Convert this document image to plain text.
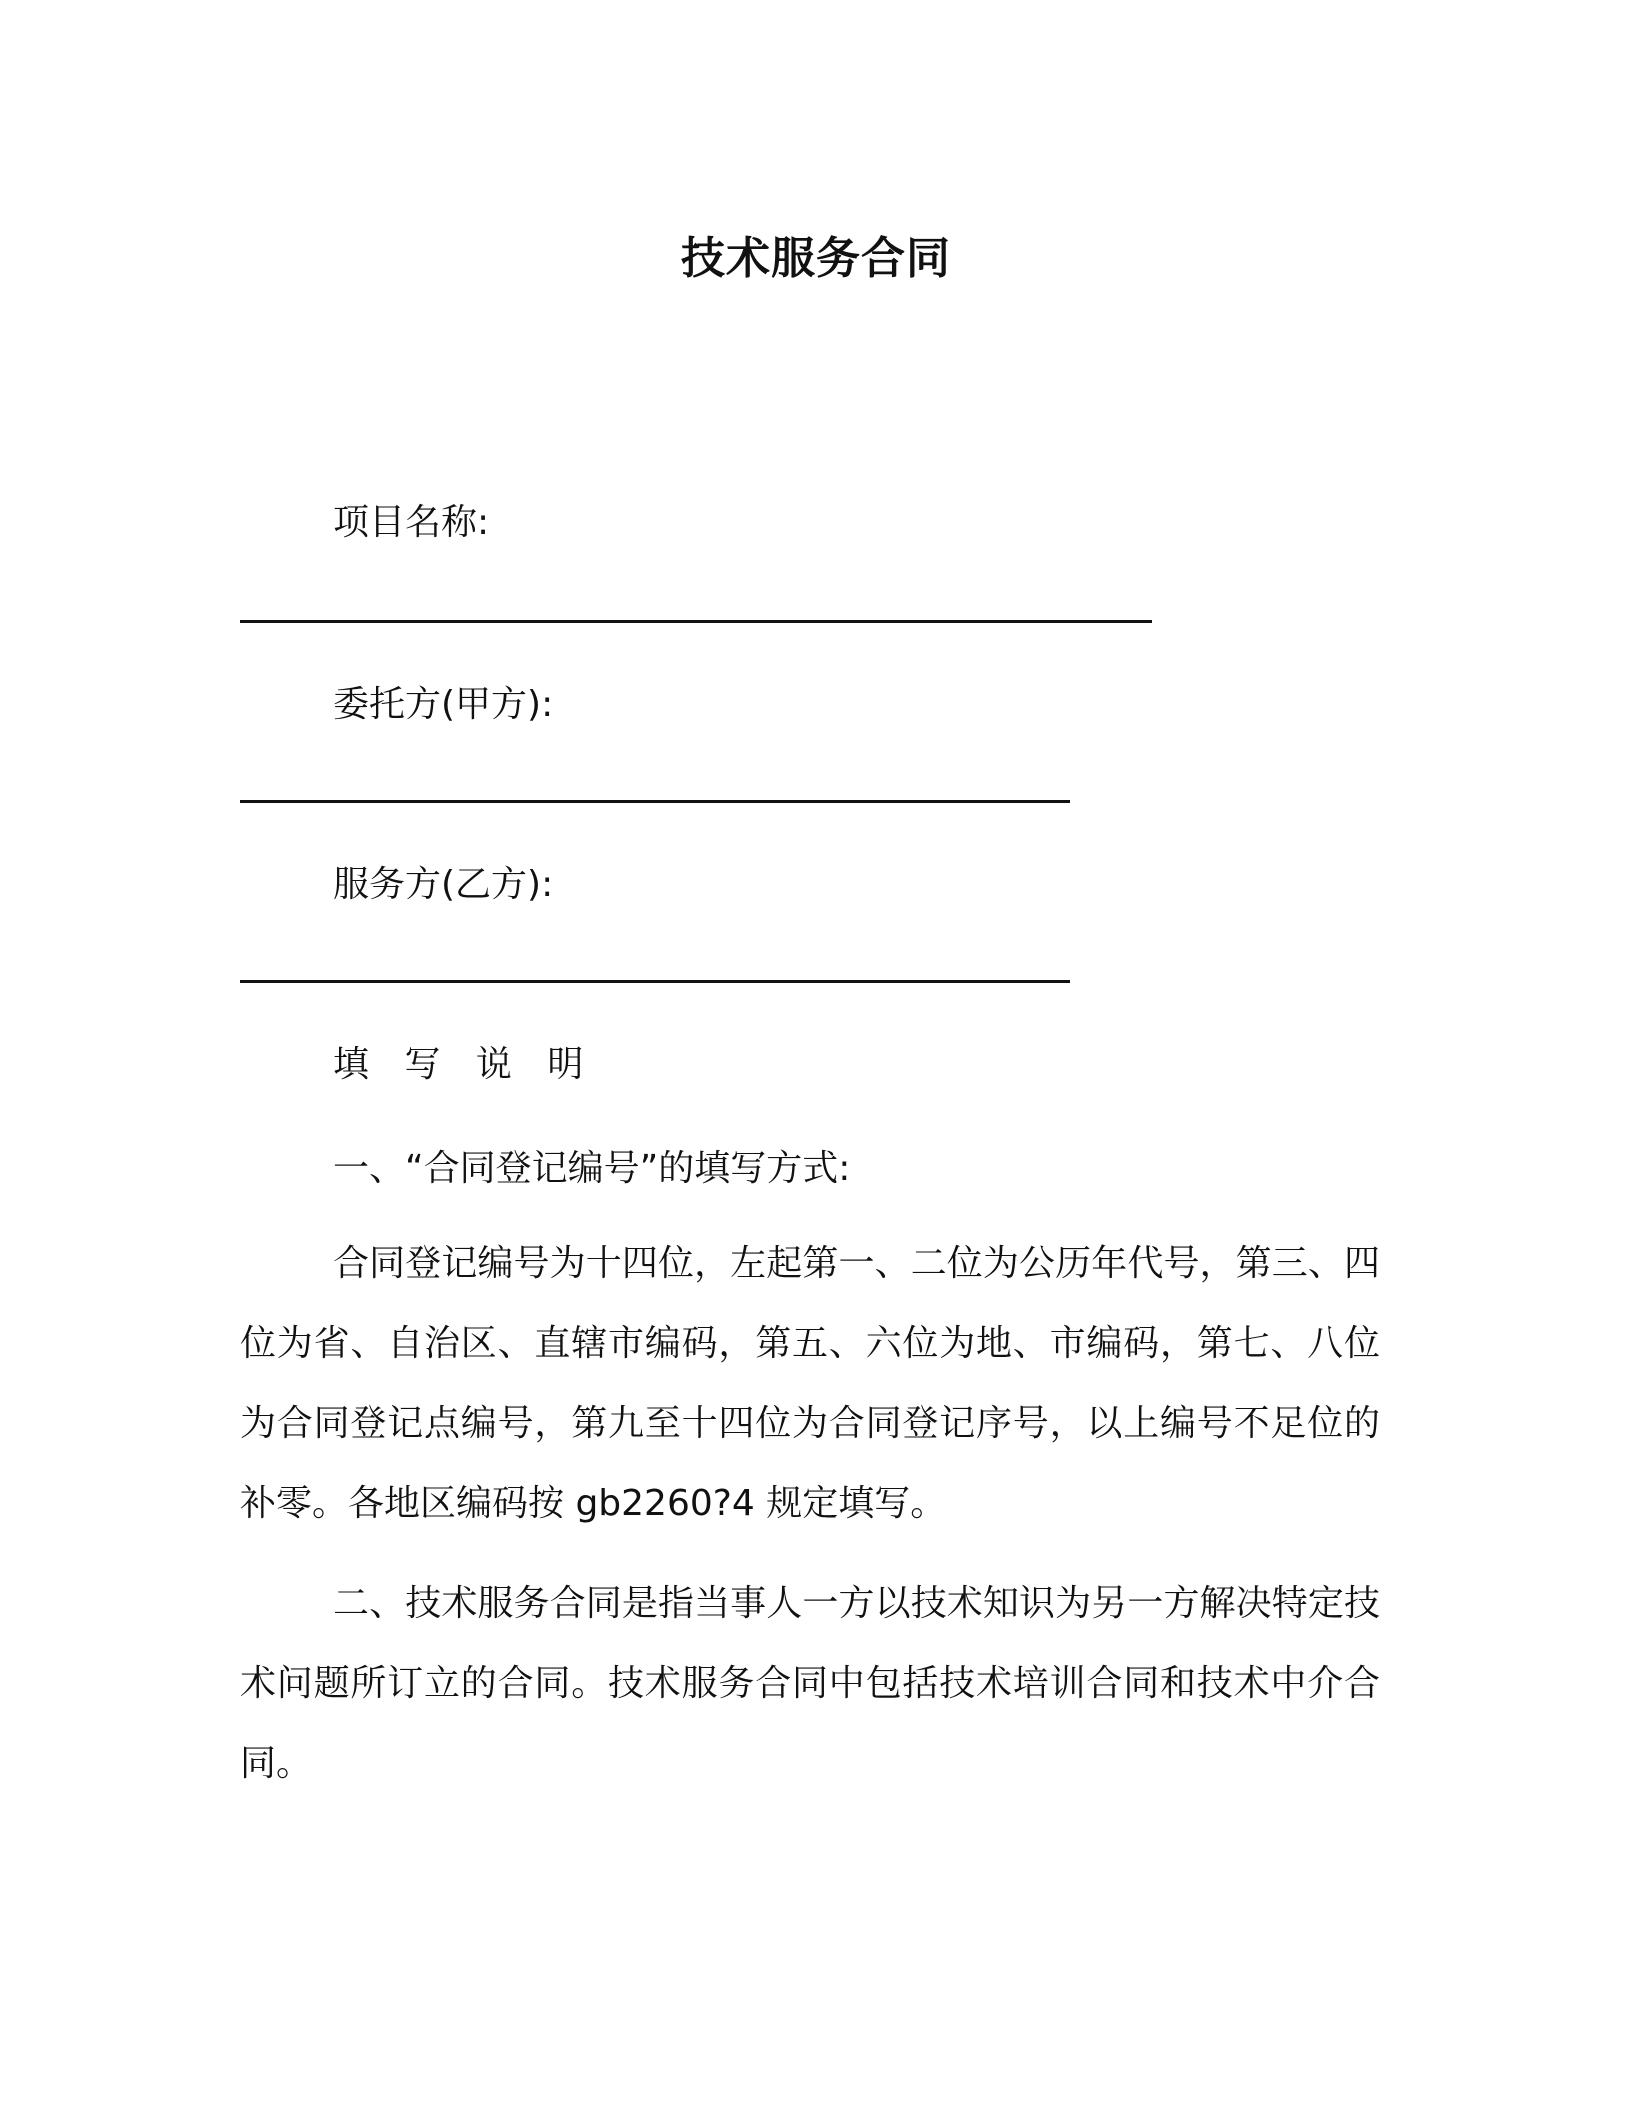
技术服务合同
项目名称:
委托方(甲方):
服务方(乙方):
填 写 说 明
一、“合同登记编号”的填写方式:

合同登记编号为十四位，左起第一、二位为公历年代号，第三、四位为省、自治区、直辖市编码，第五、六位为地、市编码，第七、八位为合同登记点编号，第九至十四位为合同登记序号，以上编号不足位的补零。各地区编码按 gb2260?4 规定填写。

二、技术服务合同是指当事人一方以技术知识为另一方解决特定技术问题所订立的合同。技术服务合同中包括技术培训合同和技术中介合同。
